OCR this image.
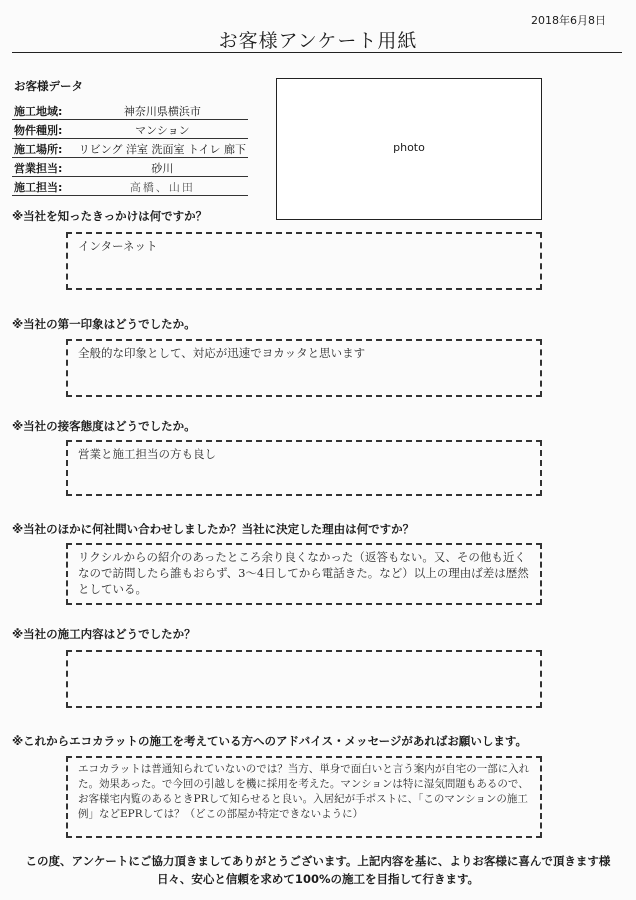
2018年6月8日
お客様アンケート用紙
お客様データ
施工地域:	神奈川県横浜市
物件種別:	マンション
施工場所:	リビング 洋室 洗面室 トイレ 廊下
営業担当:	砂川
施工担当:	高橋、山田
photo
※当社を知ったきっかけは何ですか？
インターネット
※当社の第一印象はどうでしたか。
全般的な印象として、対応が迅速でヨカッタと思います
※当社の接客態度はどうでしたか。
営業と施工担当の方も良し
※当社のほかに何社問い合わせしましたか？当社に決定した理由は何ですか？
リクシルからの紹介のあったところ余り良くなかった（返答もない。又、その他も近くなので訪問したら誰もおらず、3〜4日してから電話きた。など）以上の理由ば差は歴然としている。
※当社の施工内容はどうでしたか？
※これからエコカラットの施工を考えている方へのアドバイス・メッセージがあればお願いします。
エコカラットは普通知られていないのでは？当方、単身で面白いと言う案内が自宅の一部に入れた。効果あった。で今回の引越しを機に採用を考えた。マンションは特に湿気問題もあるので、お客様宅内覧のあるときPRして知らせると良い。入居紀が手ポストに、「このマンションの施工例」などEPRしては？（どこの部屋か特定できないように）
この度、アンケートにご協力頂きましてありがとうございます。上記内容を基に、よりお客様に喜んで頂きます様
日々、安心と信頼を求めて100%の施工を目指して行きます。
